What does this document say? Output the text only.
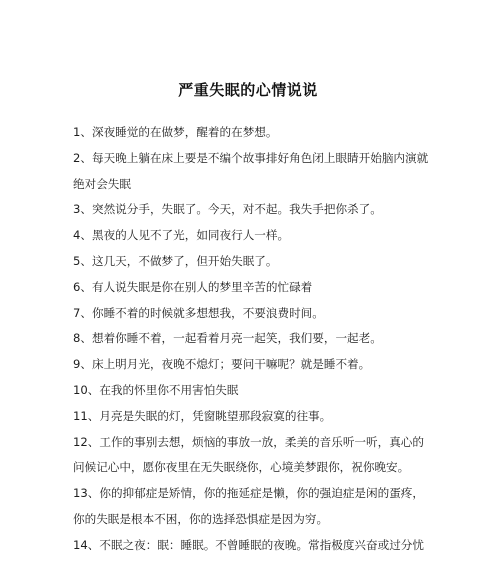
严重失眠的心情说说
1、深夜睡觉的在做梦，醒着的在梦想。
2、每天晚上躺在床上要是不编个故事排好角色闭上眼睛开始脑内演就绝对会失眠
3、突然说分手，失眠了。今天，对不起。我失手把你杀了。
4、黑夜的人见不了光，如同夜行人一样。
5、这几天，不做梦了，但开始失眠了。
6、有人说失眠是你在别人的梦里辛苦的忙碌着
7、你睡不着的时候就多想想我，不要浪费时间。
8、想着你睡不着，一起看着月亮一起笑，我们要，一起老。
9、床上明月光，夜晚不熄灯；要问干嘛呢？就是睡不着。
10、在我的怀里你不用害怕失眠
11、月亮是失眠的灯，凭窗眺望那段寂寞的往事。
12、工作的事别去想，烦恼的事放一放，柔美的音乐听一听，真心的问候记心中，愿你夜里在无失眠绕你，心境美梦跟你，祝你晚安。
13、你的抑郁症是矫情，你的拖延症是懒，你的强迫症是闲的蛋疼，你的失眠是根本不困，你的选择恐惧症是因为穷。
14、不眠之夜：眠：睡眠。不曾睡眠的夜晚。常指极度兴奋或过分忧
